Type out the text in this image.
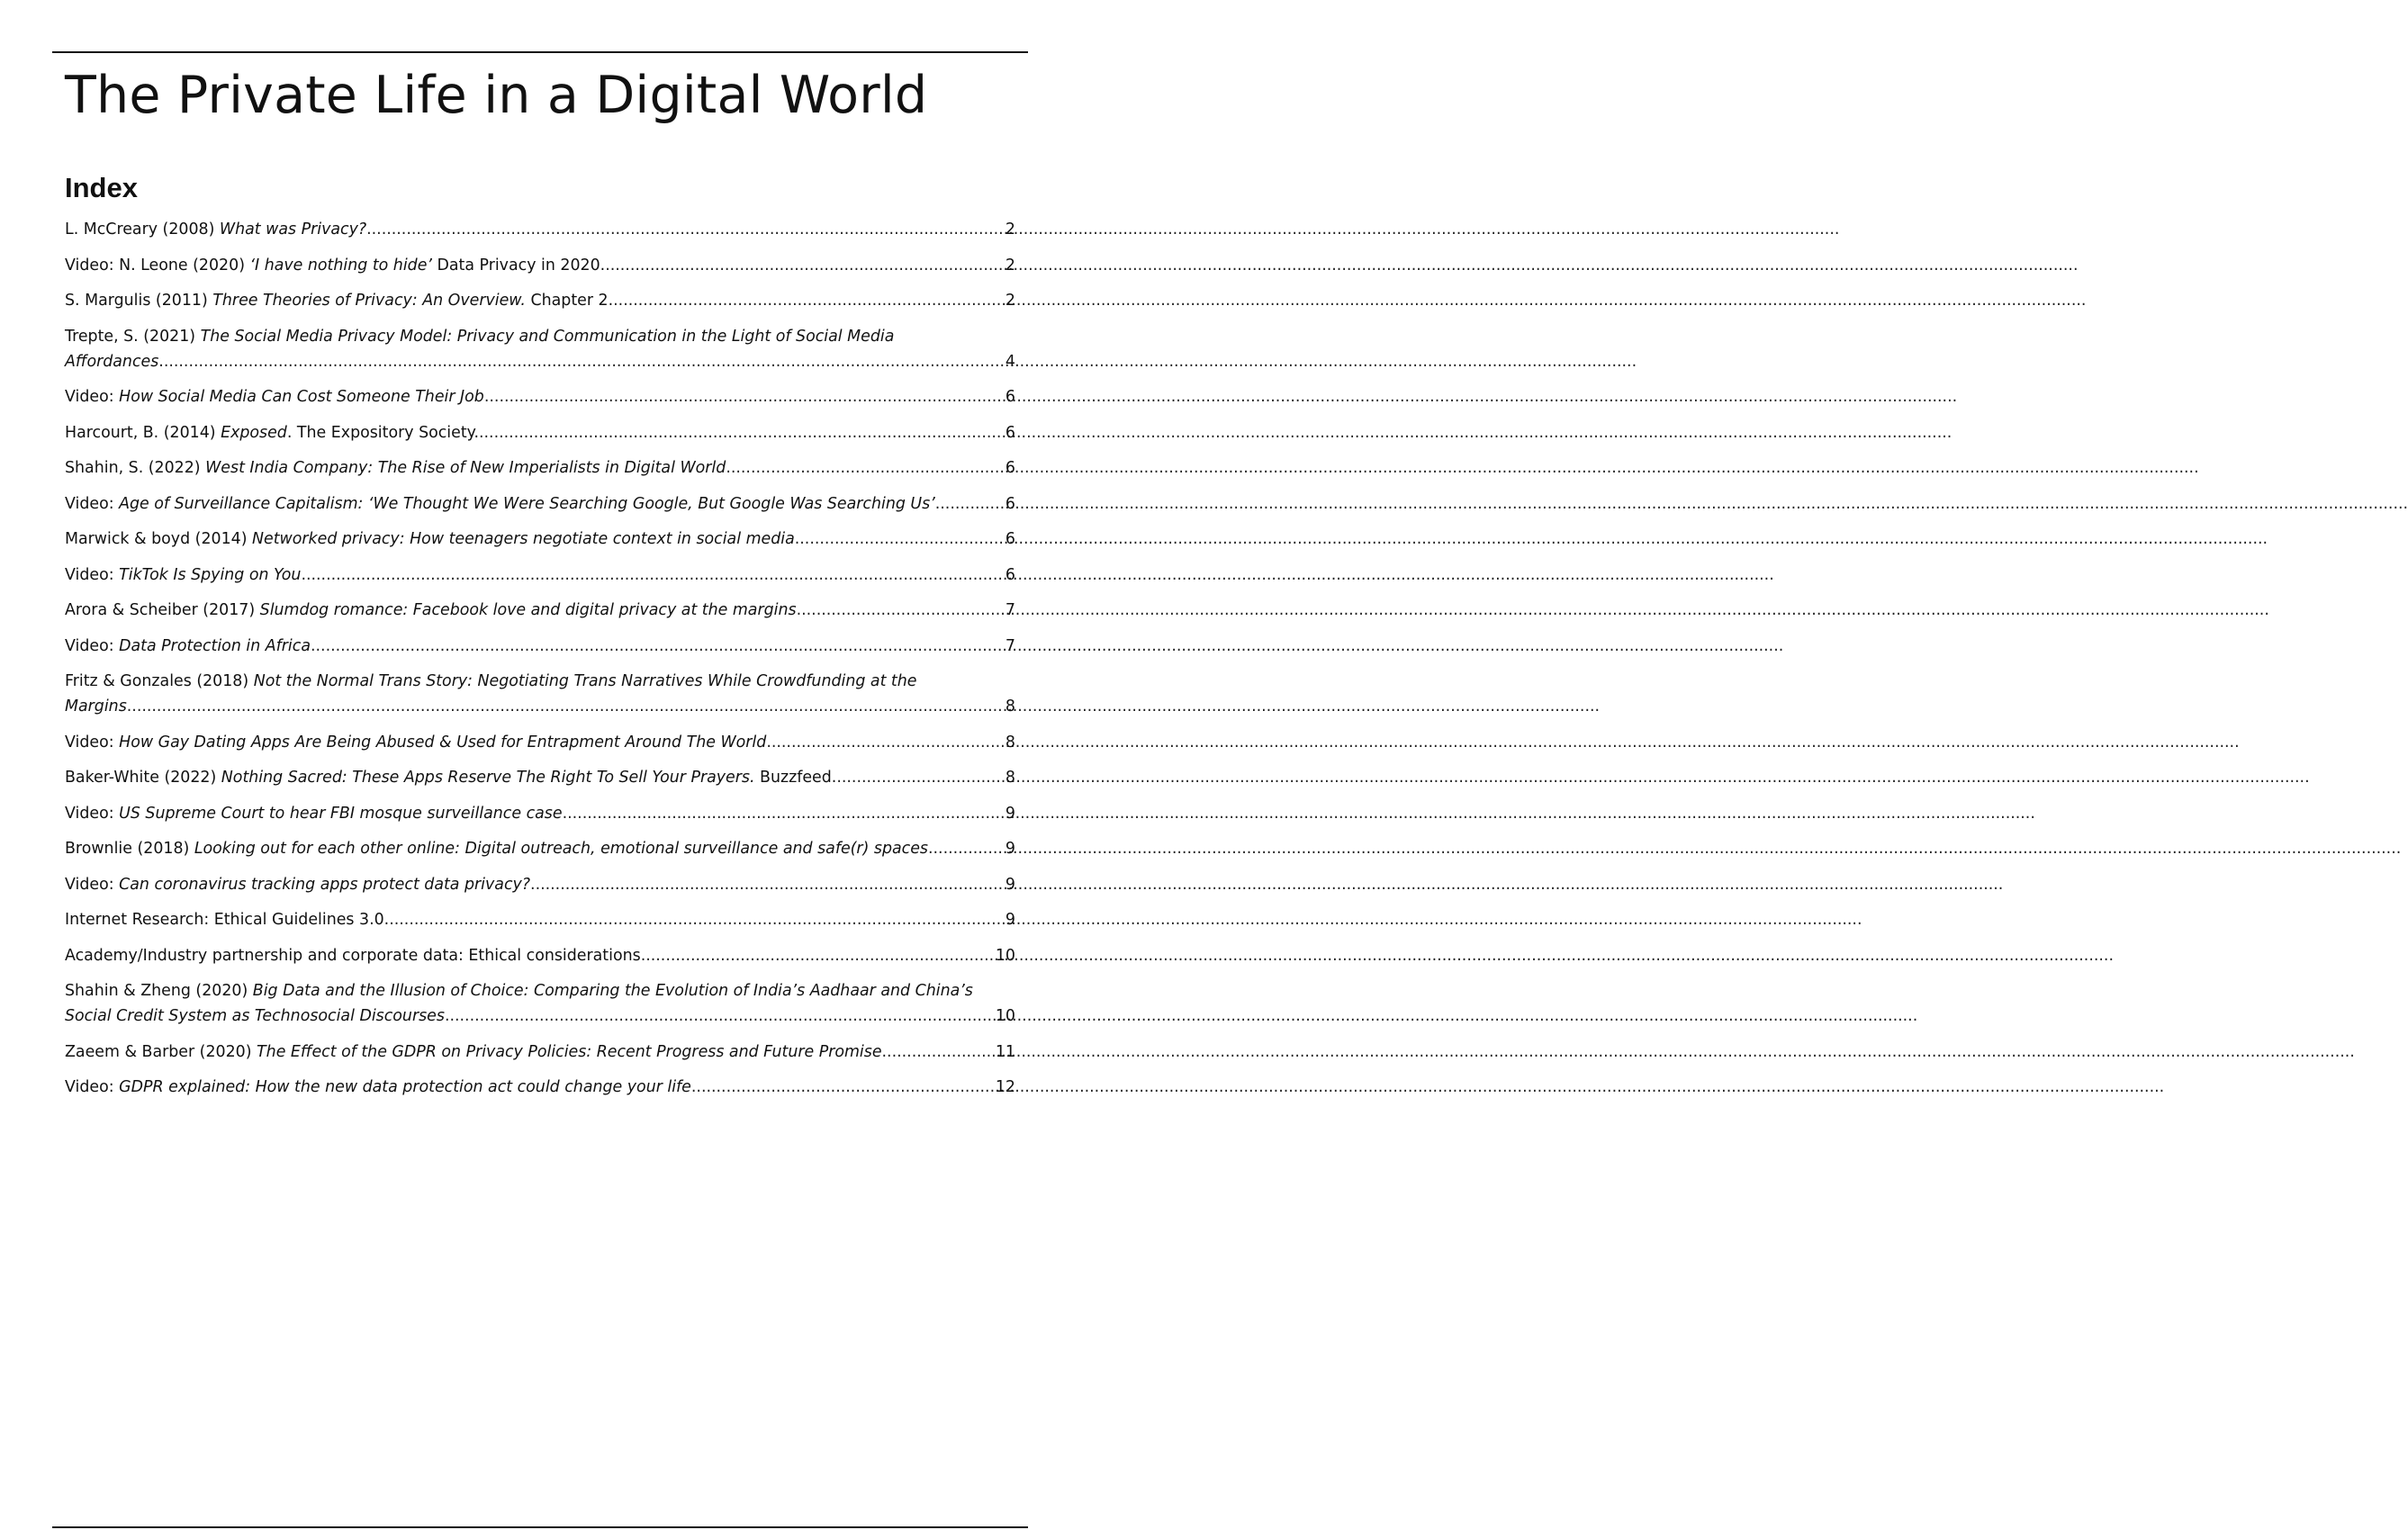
The Private Life in a Digital World
Index
L. McCreary (2008) What was Privacy? .....	2
Video: N. Leone (2020) ‘I have nothing to hide’ Data Privacy in 2020. .....	2
S. Margulis (2011) Three Theories of Privacy: An Overview. Chapter 2. .....	2
Trepte, S. (2021) The Social Media Privacy Model: Privacy and Communication in the Light of Social Media
Affordances. .....	4
Video: How Social Media Can Cost Someone Their Job .....	6
Harcourt, B. (2014) Exposed. The Expository Society. .....	6
Shahin, S. (2022) West India Company: The Rise of New Imperialists in Digital World .....	6
Video: Age of Surveillance Capitalism: ‘We Thought We Were Searching Google, But Google Was Searching Us’ .....	6
Marwick & boyd (2014) Networked privacy: How teenagers negotiate context in social media .....	6
Video: TikTok Is Spying on You .....	6
Arora & Scheiber (2017) Slumdog romance: Facebook love and digital privacy at the margins .....	7
Video: Data Protection in Africa .....	7
Fritz & Gonzales (2018) Not the Normal Trans Story: Negotiating Trans Narratives While Crowdfunding at the
Margins .....	8
Video: How Gay Dating Apps Are Being Abused & Used for Entrapment Around The World .....	8
Baker-White (2022) Nothing Sacred: These Apps Reserve The Right To Sell Your Prayers. Buzzfeed. .....	8
Video: US Supreme Court to hear FBI mosque surveillance case .....	9
Brownlie (2018) Looking out for each other online: Digital outreach, emotional surveillance and safe(r) spaces .....	9
Video: Can coronavirus tracking apps protect data privacy? .....	9
Internet Research: Ethical Guidelines 3.0. .....	9
Academy/Industry partnership and corporate data: Ethical considerations .....	10
Shahin & Zheng (2020) Big Data and the Illusion of Choice: Comparing the Evolution of India’s Aadhaar and China’s
Social Credit System as Technosocial Discourses .....	10
Zaeem & Barber (2020) The Effect of the GDPR on Privacy Policies: Recent Progress and Future Promise .....	11
Video: GDPR explained: How the new data protection act could change your life .....	12
